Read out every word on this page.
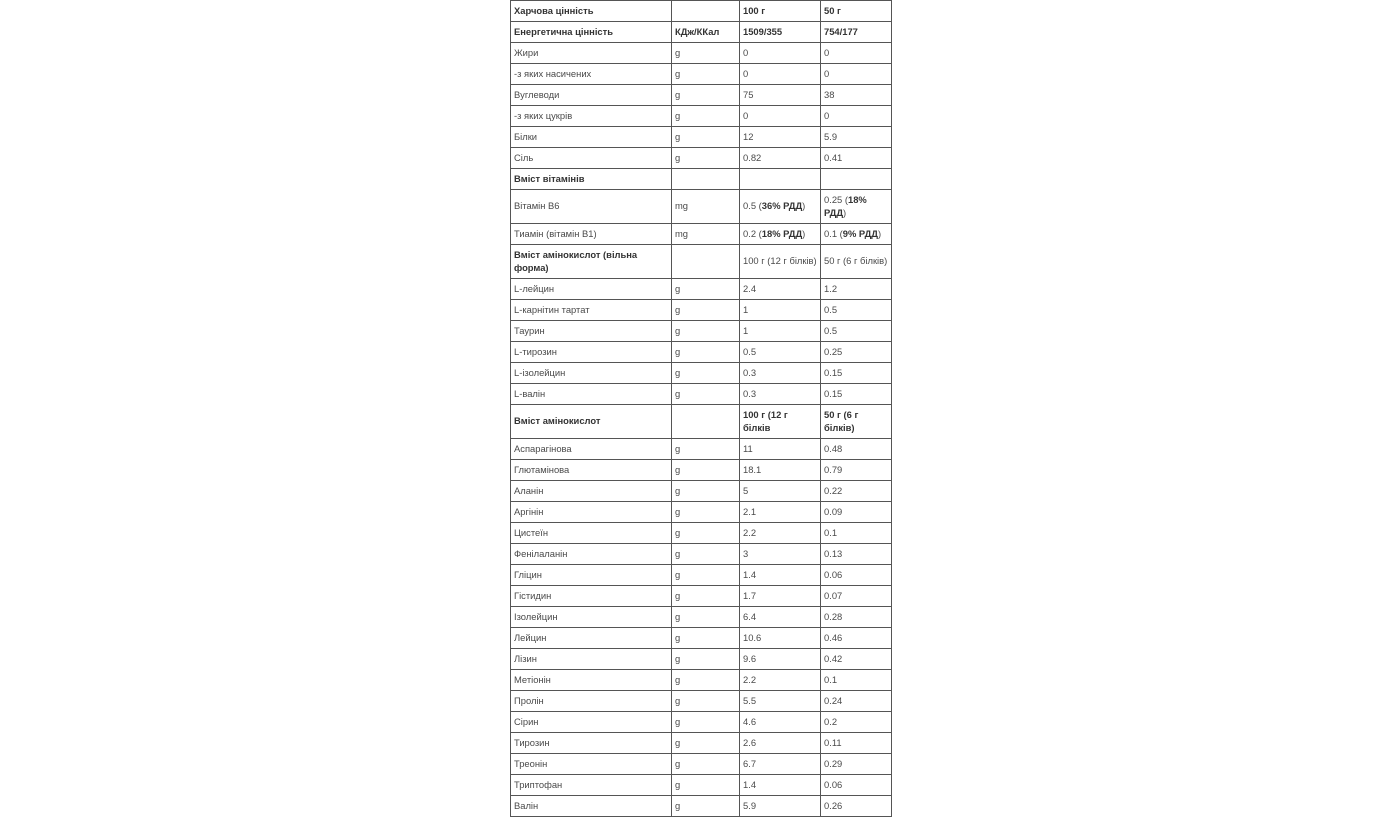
Харчова цінність		100 г	50 г
Енергетична цінність	КДж/ККал	1509/355	754/177
Жири	g	0	0
-з яких насичених	g	0	0
Вуглеводи	g	75	38
-з яких цукрів	g	0	0
Білки	g	12	5.9
Сіль	g	0.82	0.41
Вміст вітамінів			
Вітамін В6	mg	0.5 (36% РДД)	0.25 (18% РДД)
Тиамін (вітамін В1)	mg	0.2 (18% РДД)	0.1 (9% РДД)
Вміст амінокислот (вільна форма)		100 г (12 г білків)	50 г (6 г білків)
L-лейцин	g	2.4	1.2
L-карнітин тартат	g	1	0.5
Таурин	g	1	0.5
L-тирозин	g	0.5	0.25
L-ізолейцин	g	0.3	0.15
L-валін	g	0.3	0.15
Вміст амінокислот		100 г (12 г білків	50 г (6 г білків)
Аспарагінова	g	11	0.48
Глютамінова	g	18.1	0.79
Аланін	g	5	0.22
Аргінін	g	2.1	0.09
Цистеїн	g	2.2	0.1
Фенілаланін	g	3	0.13
Гліцин	g	1.4	0.06
Гістидин	g	1.7	0.07
Ізолейцин	g	6.4	0.28
Лейцин	g	10.6	0.46
Лізин	g	9.6	0.42
Метіонін	g	2.2	0.1
Пролін	g	5.5	0.24
Сірин	g	4.6	0.2
Тирозин	g	2.6	0.11
Треонін	g	6.7	0.29
Триптофан	g	1.4	0.06
Валін	g	5.9	0.26
